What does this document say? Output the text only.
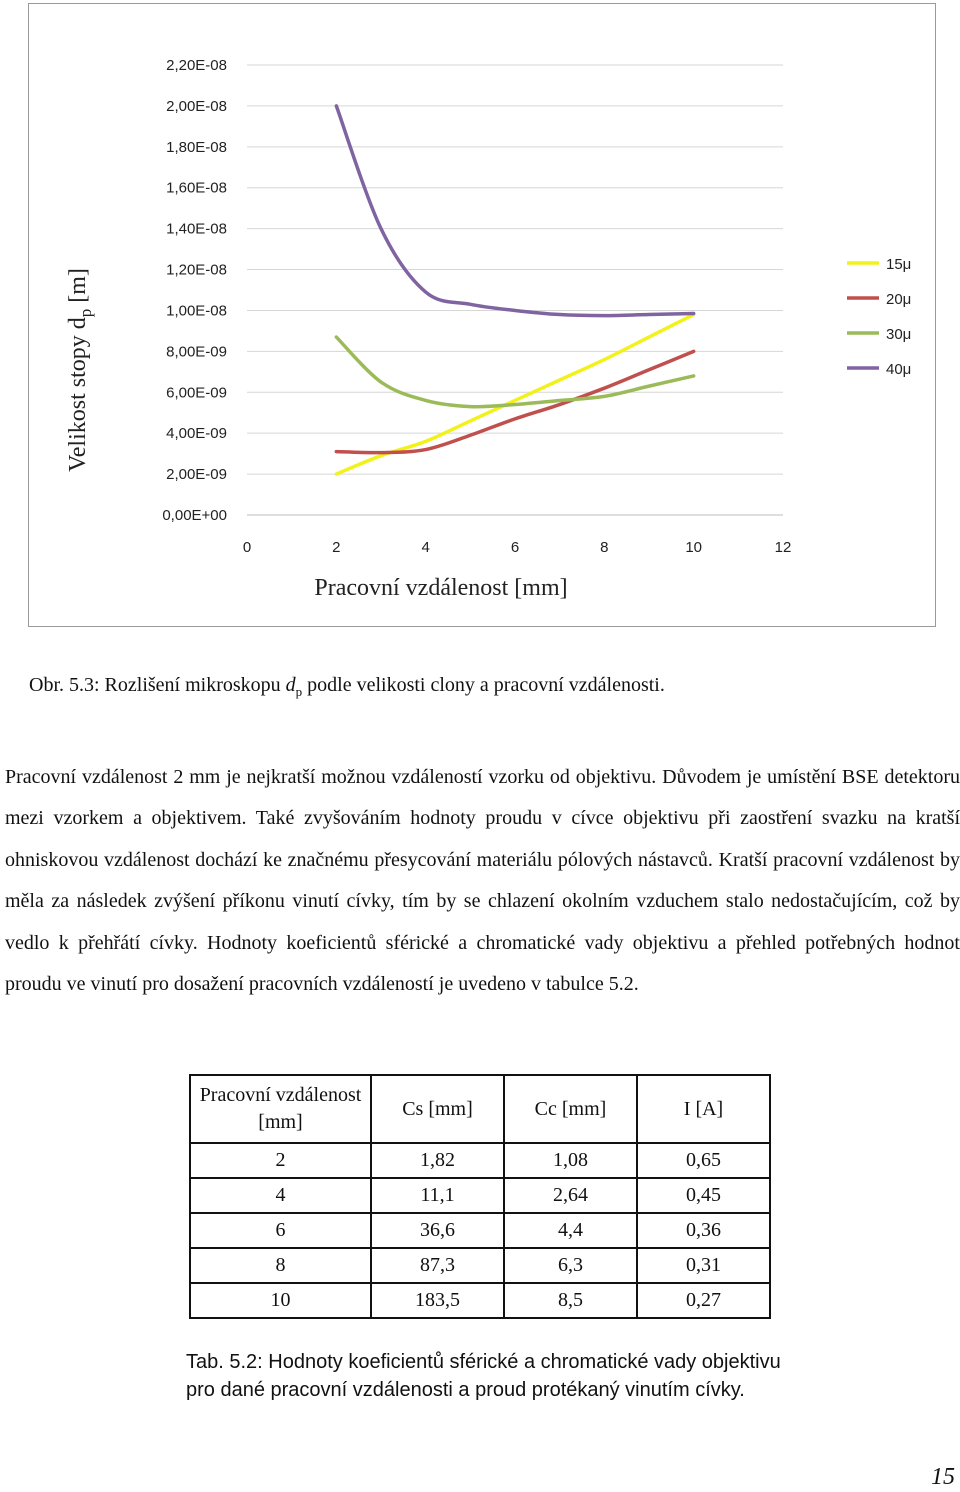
0,00E+00
2,00E-09
4,00E-09
6,00E-09
8,00E-09
1,00E-08
1,20E-08
1,40E-08
1,60E-08
1,80E-08
2,00E-08
2,20E-08
0	2	4	6	8	10	12
15μ
20μ
30μ
40μ
Pracovní vzdálenost [mm]
Velikost stopy $d_p$ [m]
Obr. 5.3: Rozlišení mikroskopu $d_p$ podle velikosti clony a pracovní vzdálenosti.

Pracovní vzdálenost 2 mm je nejkratší možnou vzdáleností vzorku od objektivu. Důvodem je umístění BSE detektoru mezi vzorkem a objektivem. Také zvyšováním hodnoty proudu v cívce objektivu při zaostření svazku na kratší ohniskovou vzdálenost dochází ke značnému přesycování materiálu pólových nástavců. Kratší pracovní vzdálenost by měla za následek zvýšení příkonu vinutí cívky, tím by se chlazení okolním vzduchem stalo nedostačujícím, což by vedlo k přehřátí cívky. Hodnoty koeficientů sférické a chromatické vady objektivu a přehled potřebných hodnot proudu ve vinutí pro dosažení pracovních vzdáleností je uvedeno v tabulce 5.2.

Pracovní vzdálenost [mm]	Cs [mm]	Cc [mm]	I [A]
2	1,82	1,08	0,65
4	11,1	2,64	0,45
6	36,6	4,4	0,36
8	87,3	6,3	0,31
10	183,5	8,5	0,27
Tab. 5.2: Hodnoty koeficientů sférické a chromatické vady objektivu
pro dané pracovní vzdálenosti a proud protékaný vinutím cívky.
15
